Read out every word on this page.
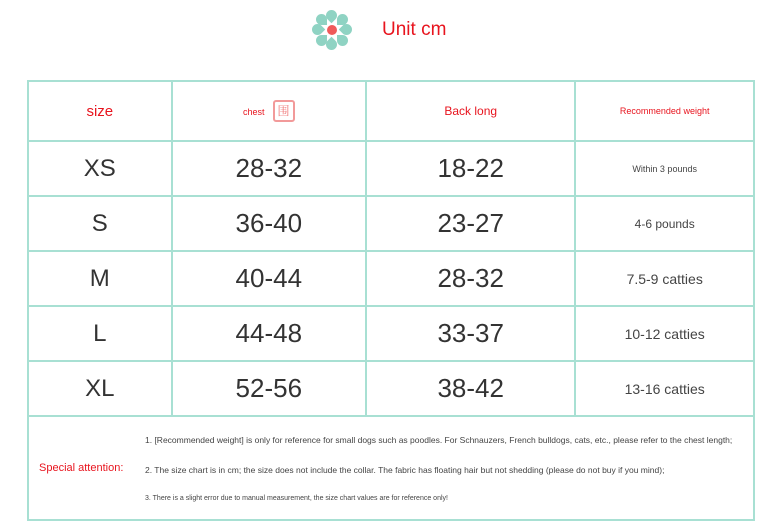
Unit cm
size	chest 围	Back long	Recommended weight
XS	28-32	18-22	Within 3 pounds
S	36-40	23-27	4-6 pounds
M	40-44	28-32	7.5-9 catties
L	44-48	33-37	10-12 catties
XL	52-56	38-42	13-16 catties

Special attention:

1. [Recommended weight] is only for reference for small dogs such as poodles. For Schnauzers, French bulldogs, cats, etc., please refer to the chest length;

2. The size chart is in cm; the size does not include the collar. The fabric has floating hair but not shedding (please do not buy if you mind);

3. There is a slight error due to manual measurement, the size chart values are for reference only!			
